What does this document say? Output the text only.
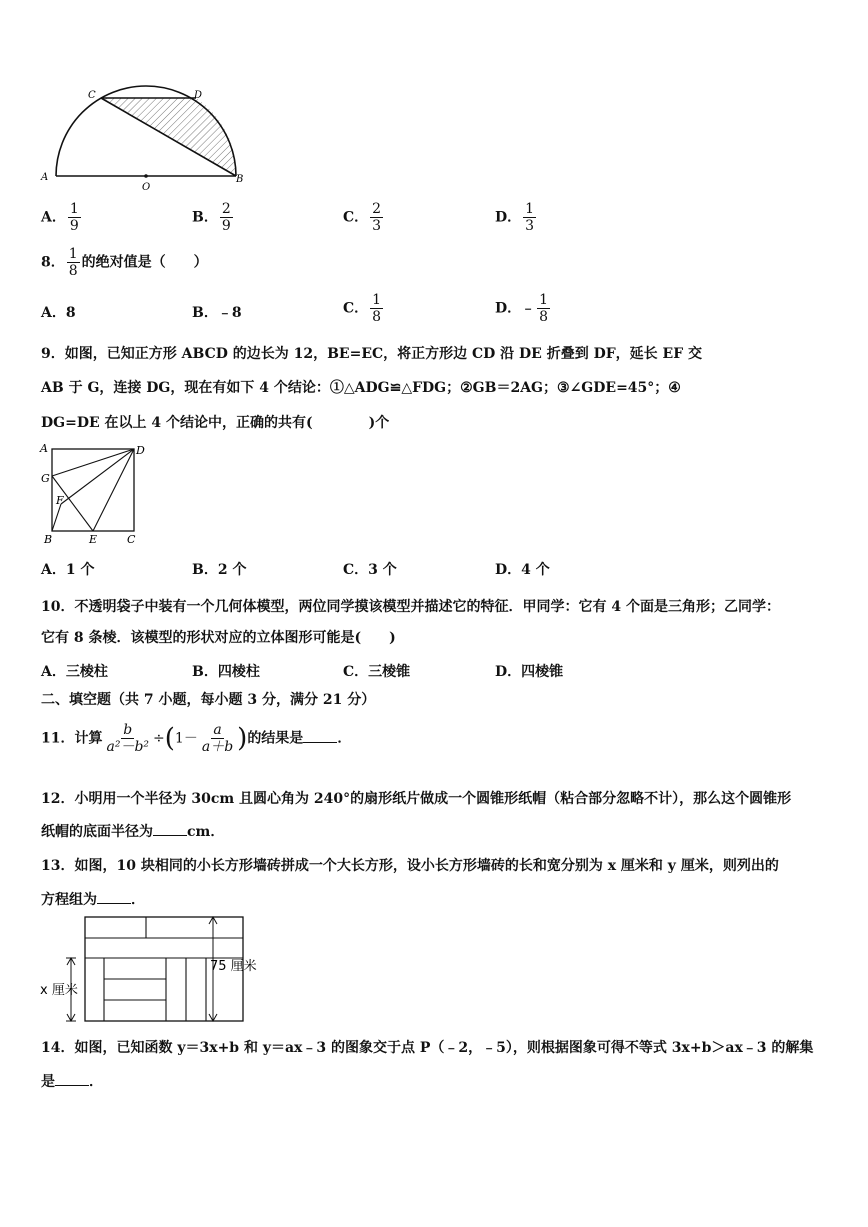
C	D
A	B
O
A． $\frac{1}{9}$	B． $\frac{2}{9}$	C． $\frac{2}{3}$	D． $\frac{1}{3}$
8． $\frac{1}{8}$ 的绝对值是（　　）
A．8	B．﹣8	C． $\frac{1}{8}$	D．﹣ $\frac{1}{8}$
9．如图，已知正方形 ABCD 的边长为 12，BE=EC，将正方形边 CD 沿 DE 折叠到 DF，延长 EF 交
AB 于 G，连接 DG，现在有如下 4 个结论：①△ADG≌△FDG；②GB＝2AG；③∠GDE=45°；④
DG=DE 在以上 4 个结论中，正确的共有(　　　　)个
A	D
G
F
B	E	C
A．1 个	B．2 个	C．3 个	D．4 个
10．不透明袋子中装有一个几何体模型，两位同学摸该模型并描述它的特征．甲同学：它有 4 个面是三角形；乙同学：
它有 8 条棱．该模型的形状对应的立体图形可能是(　　)
A．三棱柱	B．四棱柱	C．三棱锥	D．四棱锥
二、填空题（共 7 小题，每小题 3 分，满分 21 分）
11．计算 $\frac{b}{\text{a²－b²}} \div(1- \frac{a}{a+b}$ )的结果是 ．
12．小明用一个半径为 30cm 且圆心角为 240°的扇形纸片做成一个圆锥形纸帽（粘合部分忽略不计），那么这个圆锥形
纸帽的底面半径为 cm．
13．如图，10 块相同的小长方形墙砖拼成一个大长方形，设小长方形墙砖的长和宽分别为 x 厘米和 y 厘米，则列出的
方程组为 ．
75 厘米
x 厘米
14．如图，已知函数 y＝3x+b 和 y＝ax﹣3 的图象交于点 P（﹣2，﹣5），则根据图象可得不等式 3x+b＞ax﹣3 的解集
是 ．
